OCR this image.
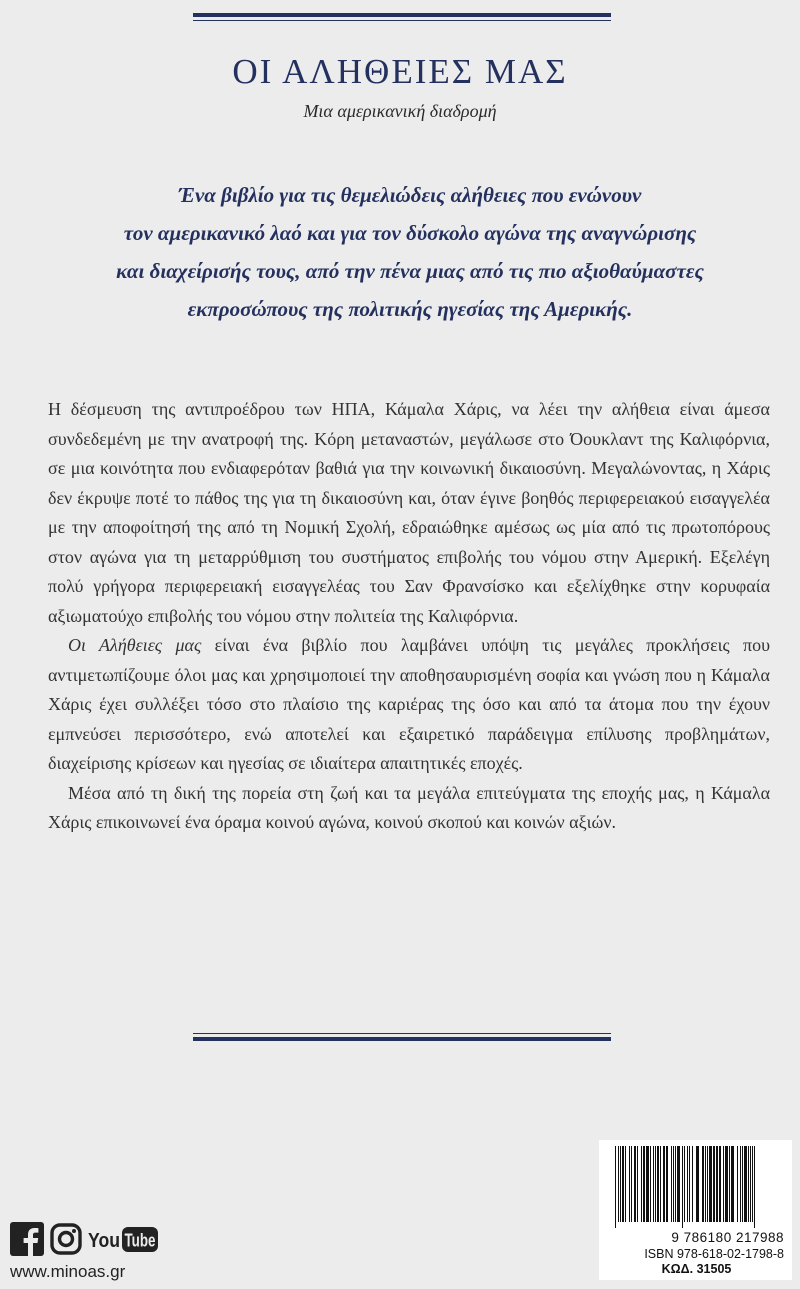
ΟΙ ΑΛΗΘΕΙΕΣ ΜΑΣ
Μια αμερικανική διαδρομή
Ένα βιβλίο για τις θεμελιώδεις αλήθειες που ενώνουν
τον αμερικανικό λαό και για τον δύσκολο αγώνα της αναγνώρισης
και διαχείρισής τους, από την πένα μιας από τις πιο αξιοθαύμαστες
εκπροσώπους της πολιτικής ηγεσίας της Αμερικής.

Η δέσμευση της αντιπροέδρου των ΗΠΑ, Κάμαλα Χάρις, να λέει την αλήθεια είναι άμεσα συνδεδεμένη με την ανατροφή της. Κόρη μεταναστών, μεγάλωσε στο Όουκλαντ της Καλιφόρνια, σε μια κοινότητα που ενδιαφερόταν βαθιά για την κοινωνική δικαιοσύνη. Μεγαλώνοντας, η Χάρις δεν έκρυψε ποτέ το πάθος της για τη δικαιοσύνη και, όταν έγινε βοηθός περιφερειακού εισαγγελέα με την αποφοίτησή της από τη Νομική Σχολή, εδραιώθηκε αμέσως ως μία από τις πρωτοπόρους στον αγώνα για τη μεταρρύθμιση του συστήματος επιβολής του νόμου στην Αμερική. Εξελέγη πολύ γρήγορα περιφερειακή εισαγγελέας του Σαν Φρανσίσκο και εξελίχθηκε στην κορυφαία αξιωματούχο επιβολής του νόμου στην πολιτεία της Καλιφόρνια.

Οι Αλήθειες μας είναι ένα βιβλίο που λαμβάνει υπόψη τις μεγάλες προκλήσεις που αντιμετωπίζουμε όλοι μας και χρησιμοποιεί την αποθησαυρισμένη σοφία και γνώση που η Κάμαλα Χάρις έχει συλλέξει τόσο στο πλαίσιο της καριέρας της όσο και από τα άτομα που την έχουν εμπνεύσει περισσότερο, ενώ αποτελεί και εξαιρετικό παράδειγμα επίλυσης προβλημάτων, διαχείρισης κρίσεων και ηγεσίας σε ιδιαίτερα απαιτητικές εποχές.

Μέσα από τη δική της πορεία στη ζωή και τα μεγάλα επιτεύγματα της εποχής μας, η Κάμαλα Χάρις επικοινωνεί ένα όραμα κοινού αγώνα, κοινού σκοπού και κοινών αξιών.

9 786180 217988
ISBN 978-618-02-1798-8
ΚΩΔ. 31505
You Tube
www.minoas.gr
